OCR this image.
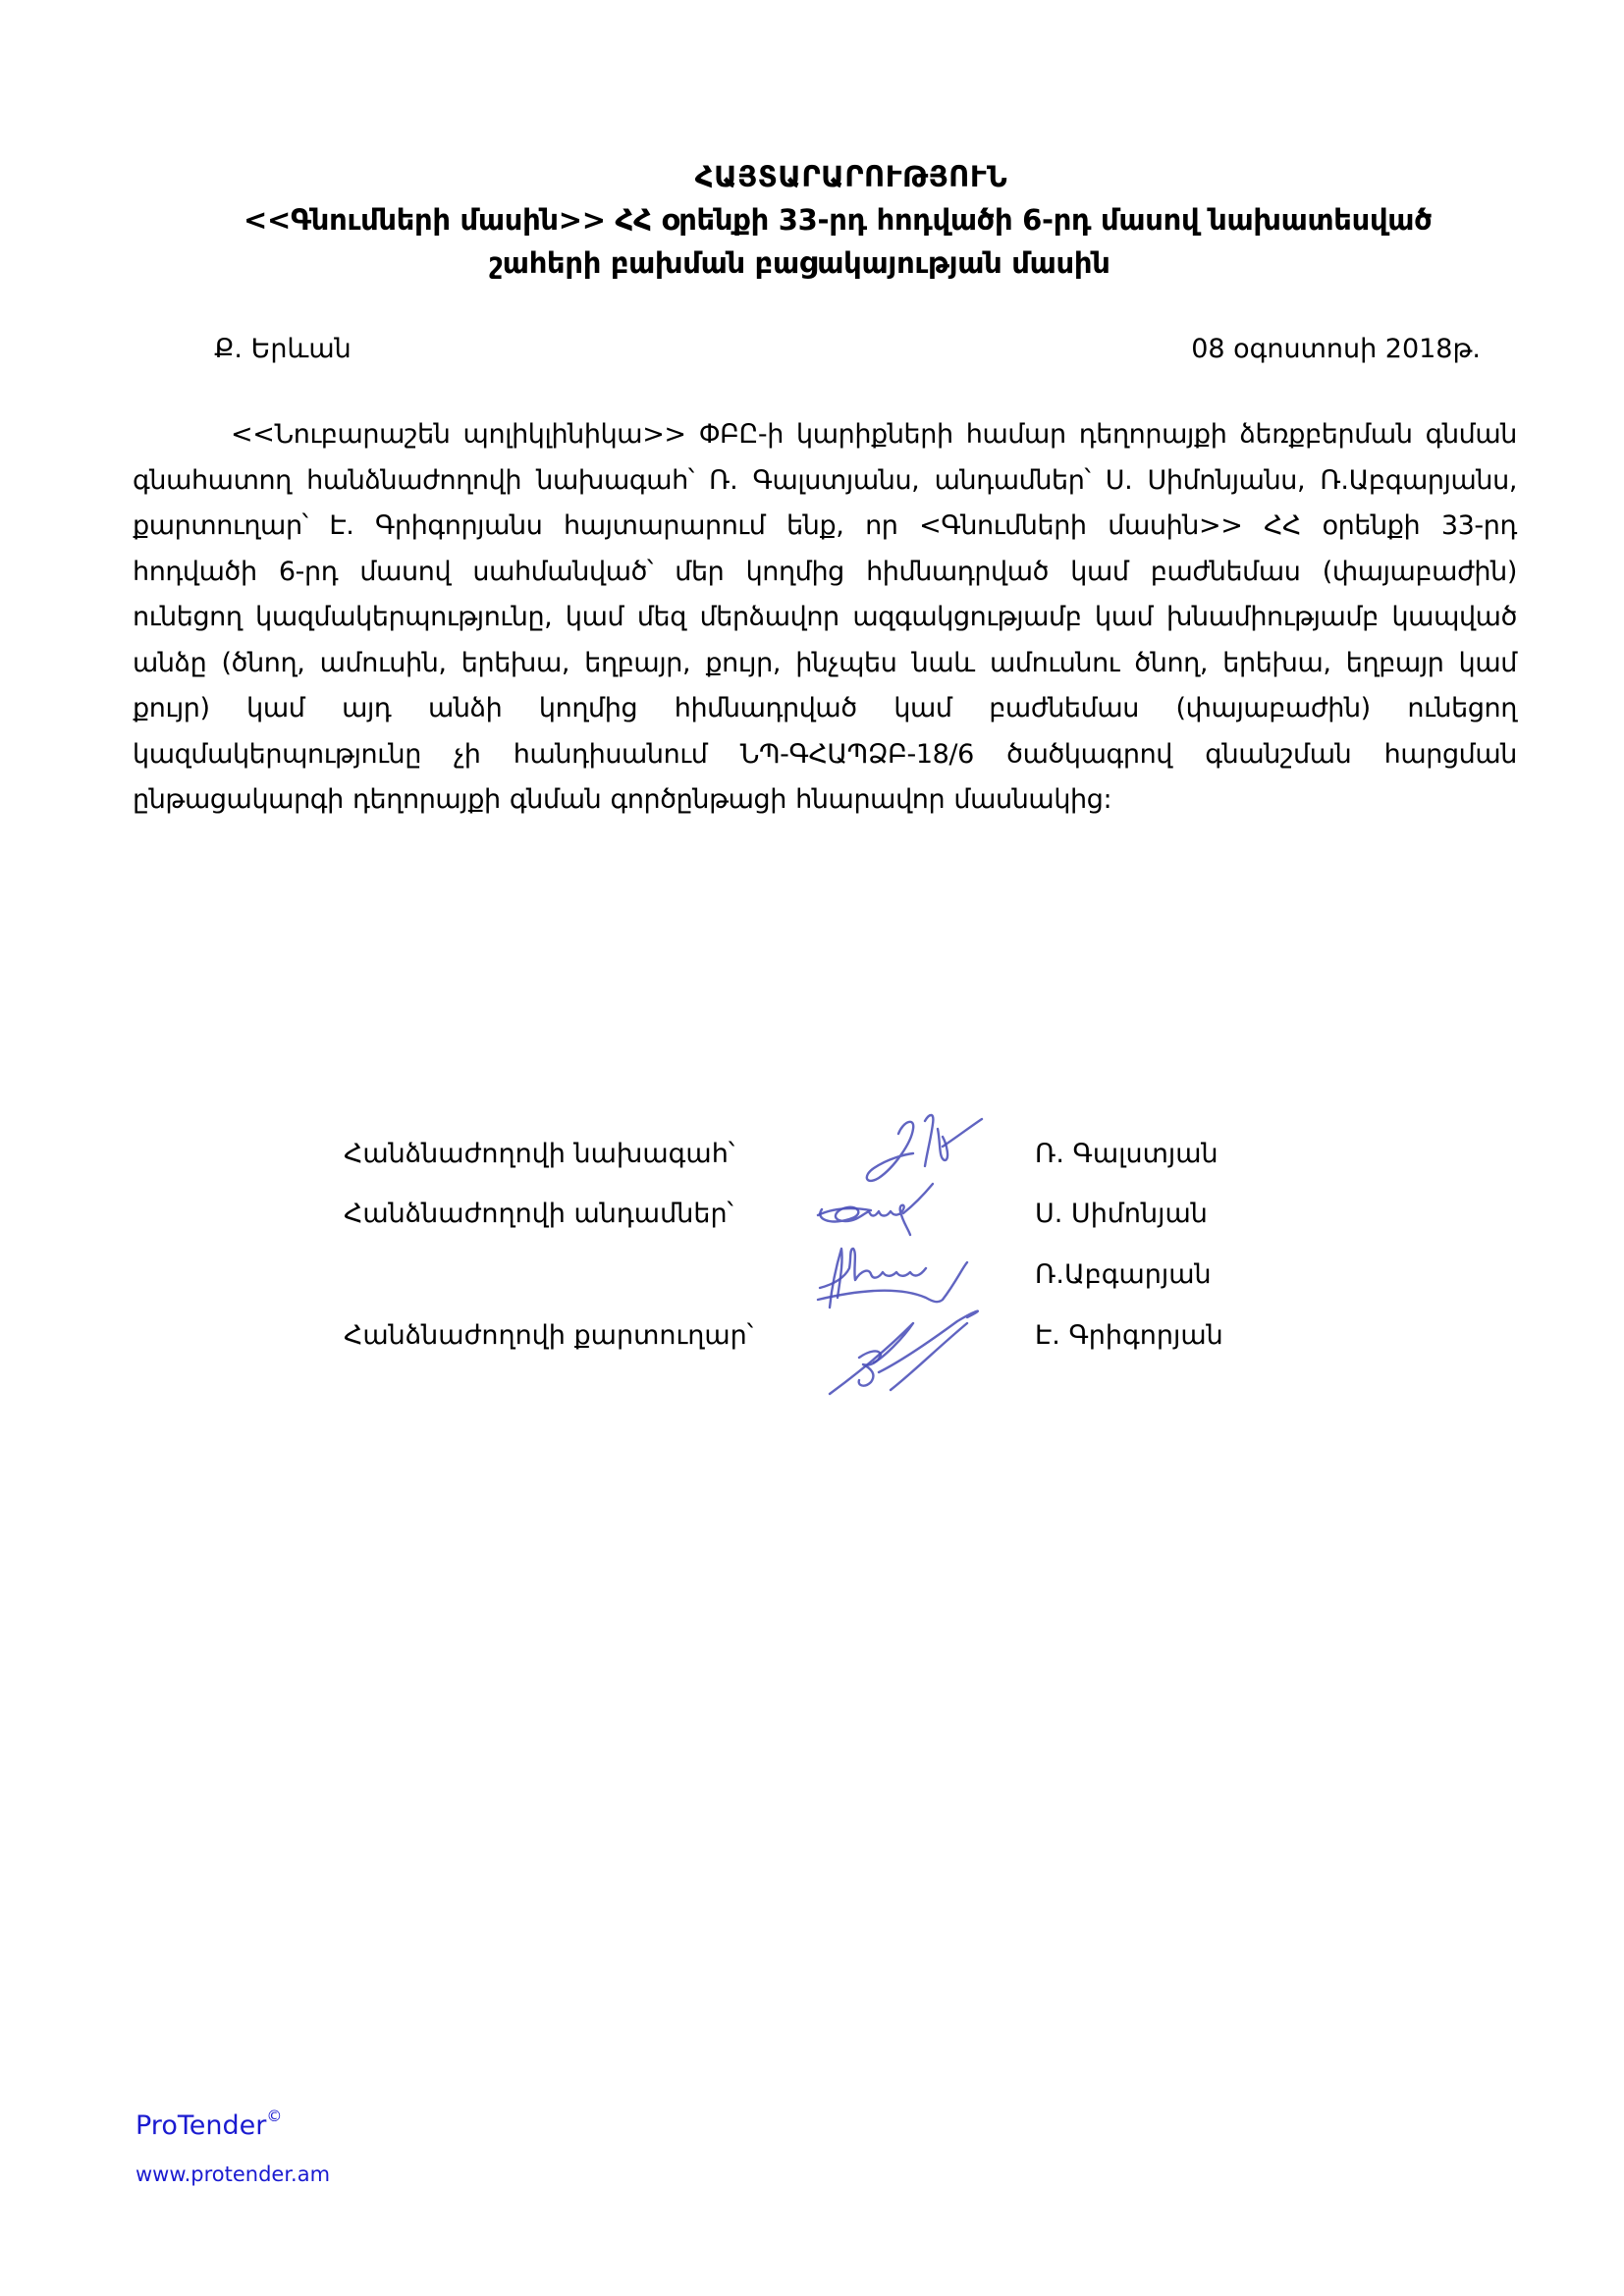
ՀԱՅՏԱՐԱՐՈՒԹՅՈՒՆ
<<Գնումների մասին>> ՀՀ օրենքի 33-րդ հոդվածի 6-րդ մասով նախատեսված
շահերի բախման բացակայության մասին
Ք. Երևան	08 օգոստոսի 2018թ.
<<Նուբարաշեն պոլիկլինիկա>> ՓԲԸ-ի կարիքների համար դեղորայքի ձեռքբերման գնման գնահատող հանձնաժողովի նախագահ՝ Ռ. Գալստյանս, անդամներ՝ Ս. Սիմոնյանս, Ռ.Աբգարյանս, քարտուղար՝ Է. Գրիգորյանս հայտարարում ենք, որ <Գնումների մասին>> ՀՀ օրենքի 33-րդ հոդվածի 6-րդ մասով սահմանված՝ մեր կողմից հիմնադրված կամ բաժնեմաս (փայաբաժին) ունեցող կազմակերպությունը, կամ մեզ մերձավոր ազգակցությամբ կամ խնամիությամբ կապված անձը (ծնող, ամուսին, երեխա, եղբայր, քույր, ինչպես նաև ամուսնու ծնող, երեխա, եղբայր կամ քույր) կամ այդ անձի կողմից հիմնադրված կամ բաժնեմաս (փայաբաժին) ունեցող կազմակերպությունը չի հանդիսանում ՆՊ-ԳՀԱՊՁԲ-18/6 ծածկագրով գնանշման հարցման ընթացակարգի դեղորայքի գնման գործընթացի հնարավոր մասնակից:
Հանձնաժողովի նախագահ՝	Ռ. Գալստյան
Հանձնաժողովի անդամներ՝	Ս. Սիմոնյան
Ռ.Աբգարյան
Հանձնաժողովի քարտուղար՝	Է. Գրիգորյան
ProTender©
www.protender.am
